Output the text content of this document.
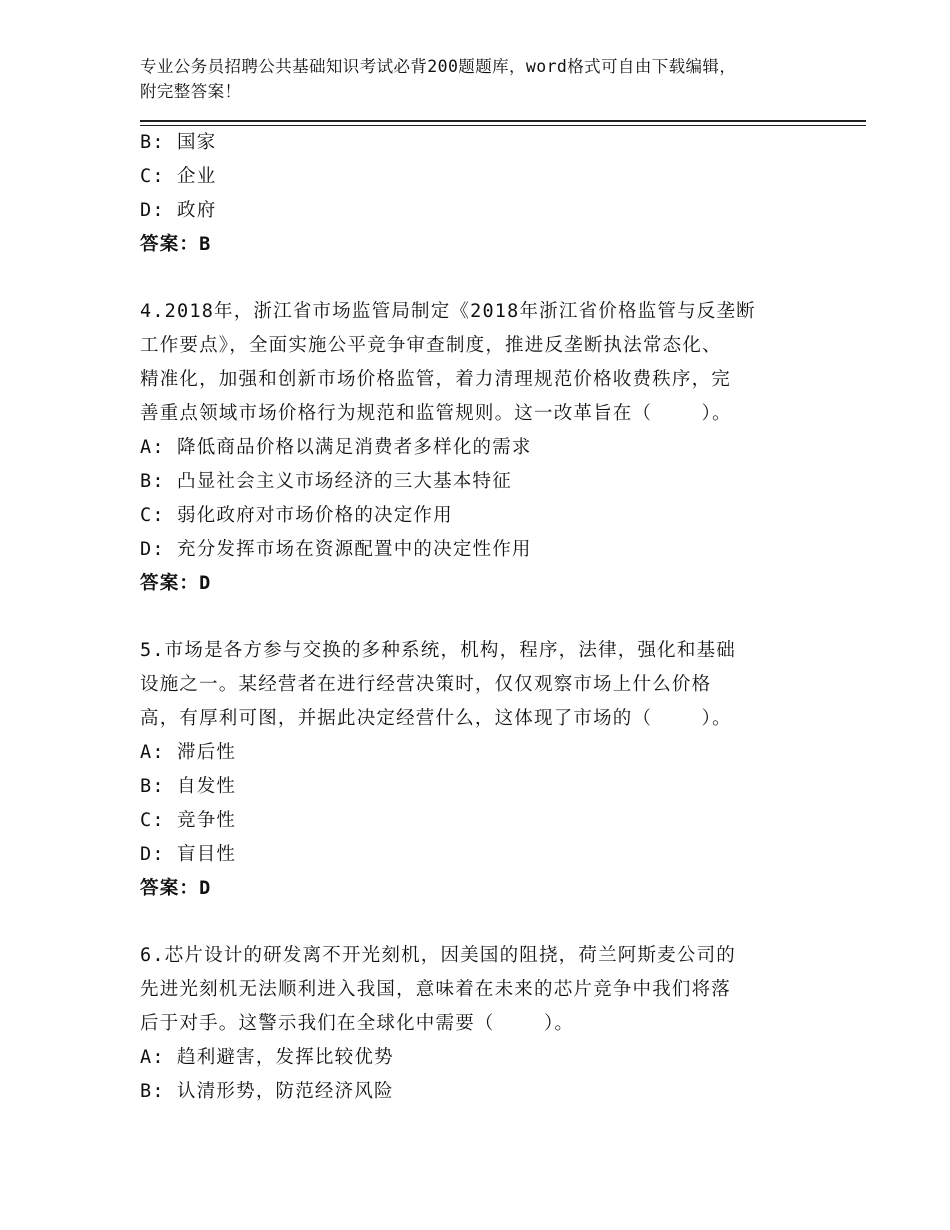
专业公务员招聘公共基础知识考试必背200题题库，word格式可自由下载编辑，
附完整答案！
B: 国家
C: 企业
D: 政府
答案：B
4.2018年，浙江省市场监管局制定《2018年浙江省价格监管与反垄断
工作要点》，全面实施公平竞争审查制度，推进反垄断执法常态化、
精准化，加强和创新市场价格监管，着力清理规范价格收费秩序，完
善重点领域市场价格行为规范和监管规则。这一改革旨在（    ）。
A: 降低商品价格以满足消费者多样化的需求
B: 凸显社会主义市场经济的三大基本特征
C: 弱化政府对市场价格的决定作用
D: 充分发挥市场在资源配置中的决定性作用
答案：D
5.市场是各方参与交换的多种系统，机构，程序，法律，强化和基础
设施之一。某经营者在进行经营决策时，仅仅观察市场上什么价格
高，有厚利可图，并据此决定经营什么，这体现了市场的（    ）。
A: 滞后性
B: 自发性
C: 竞争性
D: 盲目性
答案：D
6.芯片设计的研发离不开光刻机，因美国的阻挠，荷兰阿斯麦公司的
先进光刻机无法顺利进入我国，意味着在未来的芯片竞争中我们将落
后于对手。这警示我们在全球化中需要（    ）。
A: 趋利避害，发挥比较优势
B: 认清形势，防范经济风险
